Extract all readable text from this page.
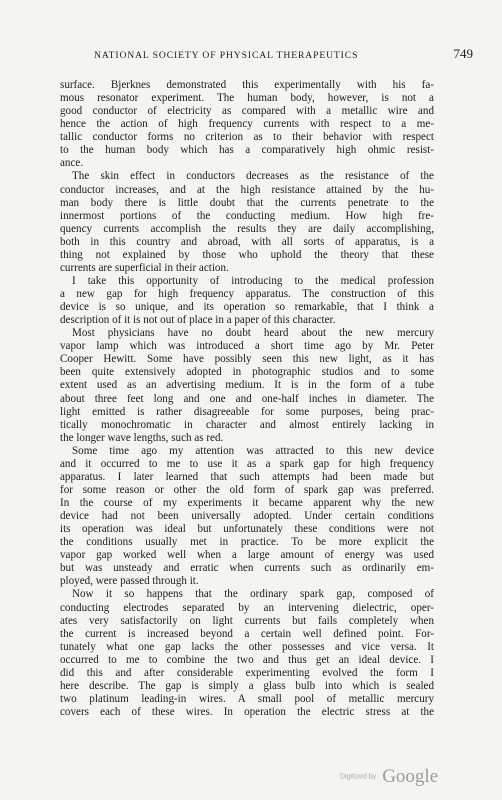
NATIONAL SOCIETY OF PHYSICAL THERAPEUTICS	749
surface. Bjerknes demonstrated this experimentally with his fa-
mous resonator experiment. The human body, however, is not a
good conductor of electricity as compared with a metallic wire and
hence the action of high frequency currents with respect to a me-
tallic conductor forms no criterion as to their behavior with respect
to the human body which has a comparatively high ohmic resist-
ance.
The skin effect in conductors decreases as the resistance of the
conductor increases, and at the high resistance attained by the hu-
man body there is little doubt that the currents penetrate to the
innermost portions of the conducting medium. How high fre-
quency currents accomplish the results they are daily accomplishing,
both in this country and abroad, with all sorts of apparatus, is a
thing not explained by those who uphold the theory that these
currents are superficial in their action.
I take this opportunity of introducing to the medical profession
a new gap for high frequency apparatus. The construction of this
device is so unique, and its operation so remarkable, that I think a
description of it is not out of place in a paper of this character.
Most physicians have no doubt heard about the new mercury
vapor lamp which was introduced a short time ago by Mr. Peter
Cooper Hewitt. Some have possibly seen this new light, as it has
been quite extensively adopted in photographic studios and to some
extent used as an advertising medium. It is in the form of a tube
about three feet long and one and one-half inches in diameter. The
light emitted is rather disagreeable for some purposes, being prac-
tically monochromatic in character and almost entirely lacking in
the longer wave lengths, such as red.
Some time ago my attention was attracted to this new device
and it occurred to me to use it as a spark gap for high frequency
apparatus. I later learned that such attempts had been made but
for some reason or other the old form of spark gap was preferred.
In the course of my experiments it became apparent why the new
device had not been universally adopted. Under certain conditions
its operation was ideal but unfortunately these conditions were not
the conditions usually met in practice. To be more explicit the
vapor gap worked well when a large amount of energy was used
but was unsteady and erratic when currents such as ordinarily em-
ployed, were passed through it.
Now it so happens that the ordinary spark gap, composed of
conducting electrodes separated by an intervening dielectric, oper-
ates very satisfactorily on light currents but fails completely when
the current is increased beyond a certain well defined point. For-
tunately what one gap lacks the other possesses and vice versa. It
occurred to me to combine the two and thus get an ideal device. I
did this and after considerable experimenting evolved the form I
here describe. The gap is simply a glass bulb into which is sealed
two platinum leading-in wires. A small pool of metallic mercury
covers each of these wires. In operation the electric stress at the
Digitized by Google
